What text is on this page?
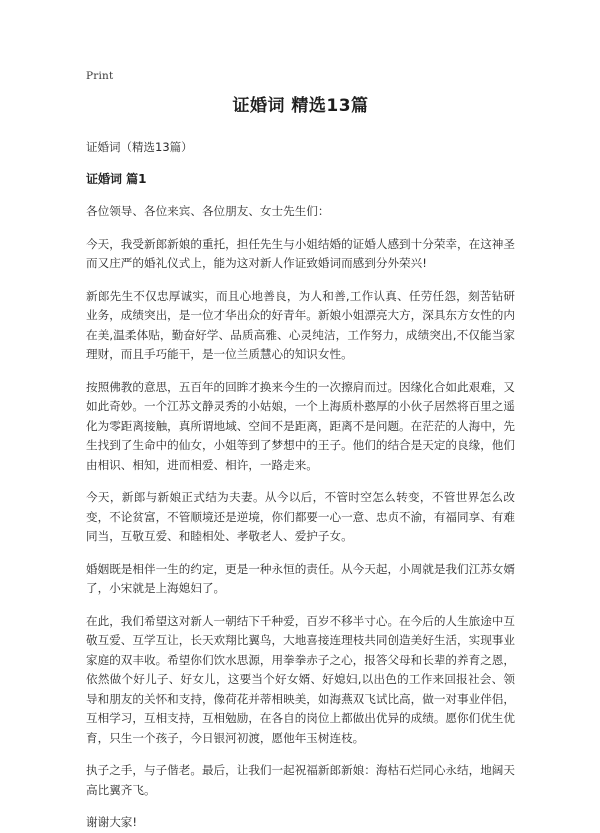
Print
证婚词 精选13篇
证婚词（精选13篇）
证婚词 篇1

各位领导、各位来宾、各位朋友、女士先生们：

今天，我受新郎新娘的重托，担任先生与小姐结婚的证婚人感到十分荣幸，在这神圣而又庄严的婚礼仪式上，能为这对新人作证致婚词而感到分外荣兴!

新郎先生不仅忠厚诚实，而且心地善良，为人和善,工作认真、任劳任怨，刻苦钻研业务，成绩突出，是一位才华出众的好青年。新娘小姐漂亮大方，深具东方女性的内在美,温柔体贴，勤奋好学、品质高雅、心灵纯洁，工作努力，成绩突出,不仅能当家理财，而且手巧能干，是一位兰质慧心的知识女性。

按照佛教的意思，五百年的回眸才换来今生的一次擦肩而过。因缘化合如此艰难，又如此奇妙。一个江苏文静灵秀的小姑娘，一个上海质朴憨厚的小伙子居然将百里之遥化为零距离接触，真所谓地域、空间不是距离，距离不是问题。在茫茫的人海中，先生找到了生命中的仙女，小姐等到了梦想中的王子。他们的结合是天定的良缘，他们由相识、相知，进而相爱、相许，一路走来。

今天，新郎与新娘正式结为夫妻。从今以后，不管时空怎么转变，不管世界怎么改变，不论贫富，不管顺境还是逆境，你们都要一心一意、忠贞不渝，有福同享、有难同当，互敬互爱、和睦相处、孝敬老人、爱护子女。

婚姻既是相伴一生的约定，更是一种永恒的责任。从今天起，小周就是我们江苏女婿了，小宋就是上海媳妇了。

在此，我们希望这对新人一朝结下千种爱，百岁不移半寸心。在今后的人生旅途中互敬互爱、互学互让，长天欢翔比翼鸟，大地喜接连理枝共同创造美好生活，实现事业家庭的双丰收。希望你们饮水思源，用拳拳赤子之心，报答父母和长辈的养育之恩，依然做个好儿子、好女儿，这要当个好女婿、好媳妇,以出色的工作来回报社会、领导和朋友的关怀和支持，像荷花并蒂相映美，如海燕双飞试比高，做一对事业伴侣，互相学习，互相支持，互相勉励，在各自的岗位上都做出优异的成绩。愿你们优生优育，只生一个孩子，今日银河初渡，愿他年玉树连枝。

执子之手，与子偕老。最后，让我们一起祝福新郎新娘：海枯石烂同心永结，地阔天高比翼齐飞。

谢谢大家!
